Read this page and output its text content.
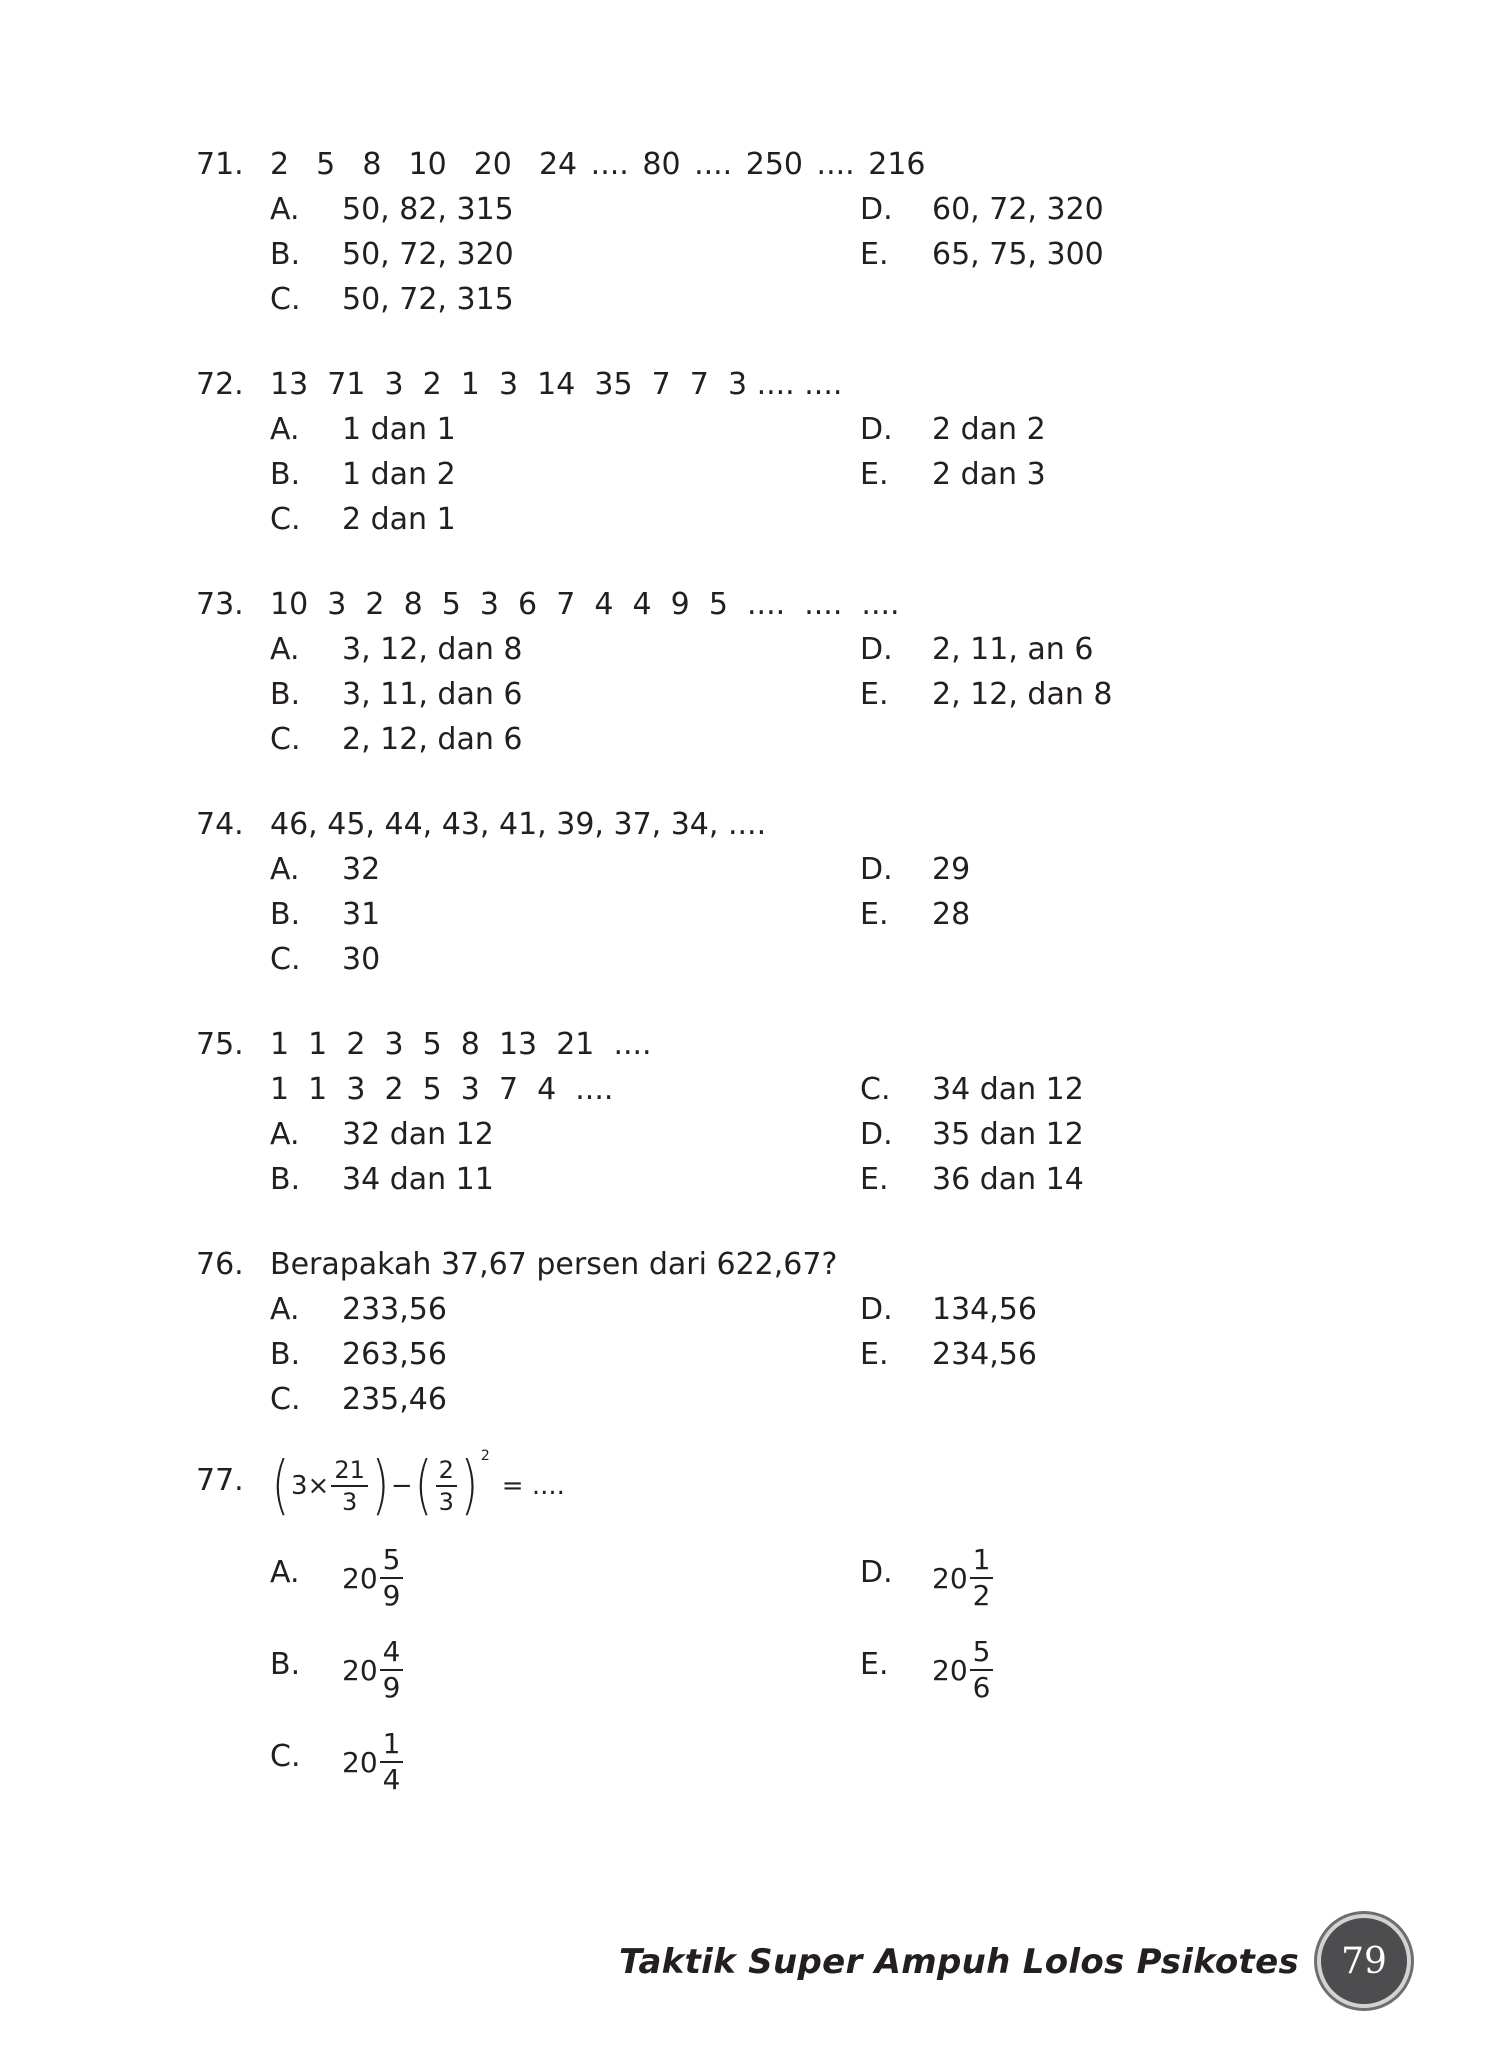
71. 2  5  8  10  20  24 .... 80 .... 250 .... 216
A. 50, 82, 315	D. 60, 72, 320
B. 50, 72, 320	E. 65, 75, 300
C. 50, 72, 315
72. 13  71  3  2  1  3  14  35  7  7  3 .... ....
A. 1 dan 1	D. 2 dan 2
B. 1 dan 2	E. 2 dan 3
C. 2 dan 1
73. 10  3  2  8  5  3  6  7  4  4  9  5  ....  ....  ....
A. 3, 12, dan 8	D. 2, 11, an 6
B. 3, 11, dan 6	E. 2, 12, dan 8
C. 2, 12, dan 6
74. 46, 45, 44, 43, 41, 39, 37, 34, ....
A. 32	D. 29
B. 31	E. 28
C. 30
75. 1  1  2  3  5  8  13  21  ....
1  1  3  2  5  3  7  4  ....	C. 34 dan 12
A. 32 dan 12	D. 35 dan 12
B. 34 dan 11	E. 36 dan 14
76. Berapakah 37,67 persen dari 622,67?
A. 233,56	D. 134,56
B. 263,56	E. 234,56
C. 235,46
77. ( $3 \times \frac{21}{3}$ ) − ( $\frac{2}{3}$ ) 2
= ....
A. $20 \frac{5}{9}$	D. $20 \frac{1}{2}$
B. $20 \frac{4}{9}$	E. $20 \frac{5}{6}$
C. $20 \frac{1}{4}$
Taktik Super Ampuh Lolos Psikotes 79
